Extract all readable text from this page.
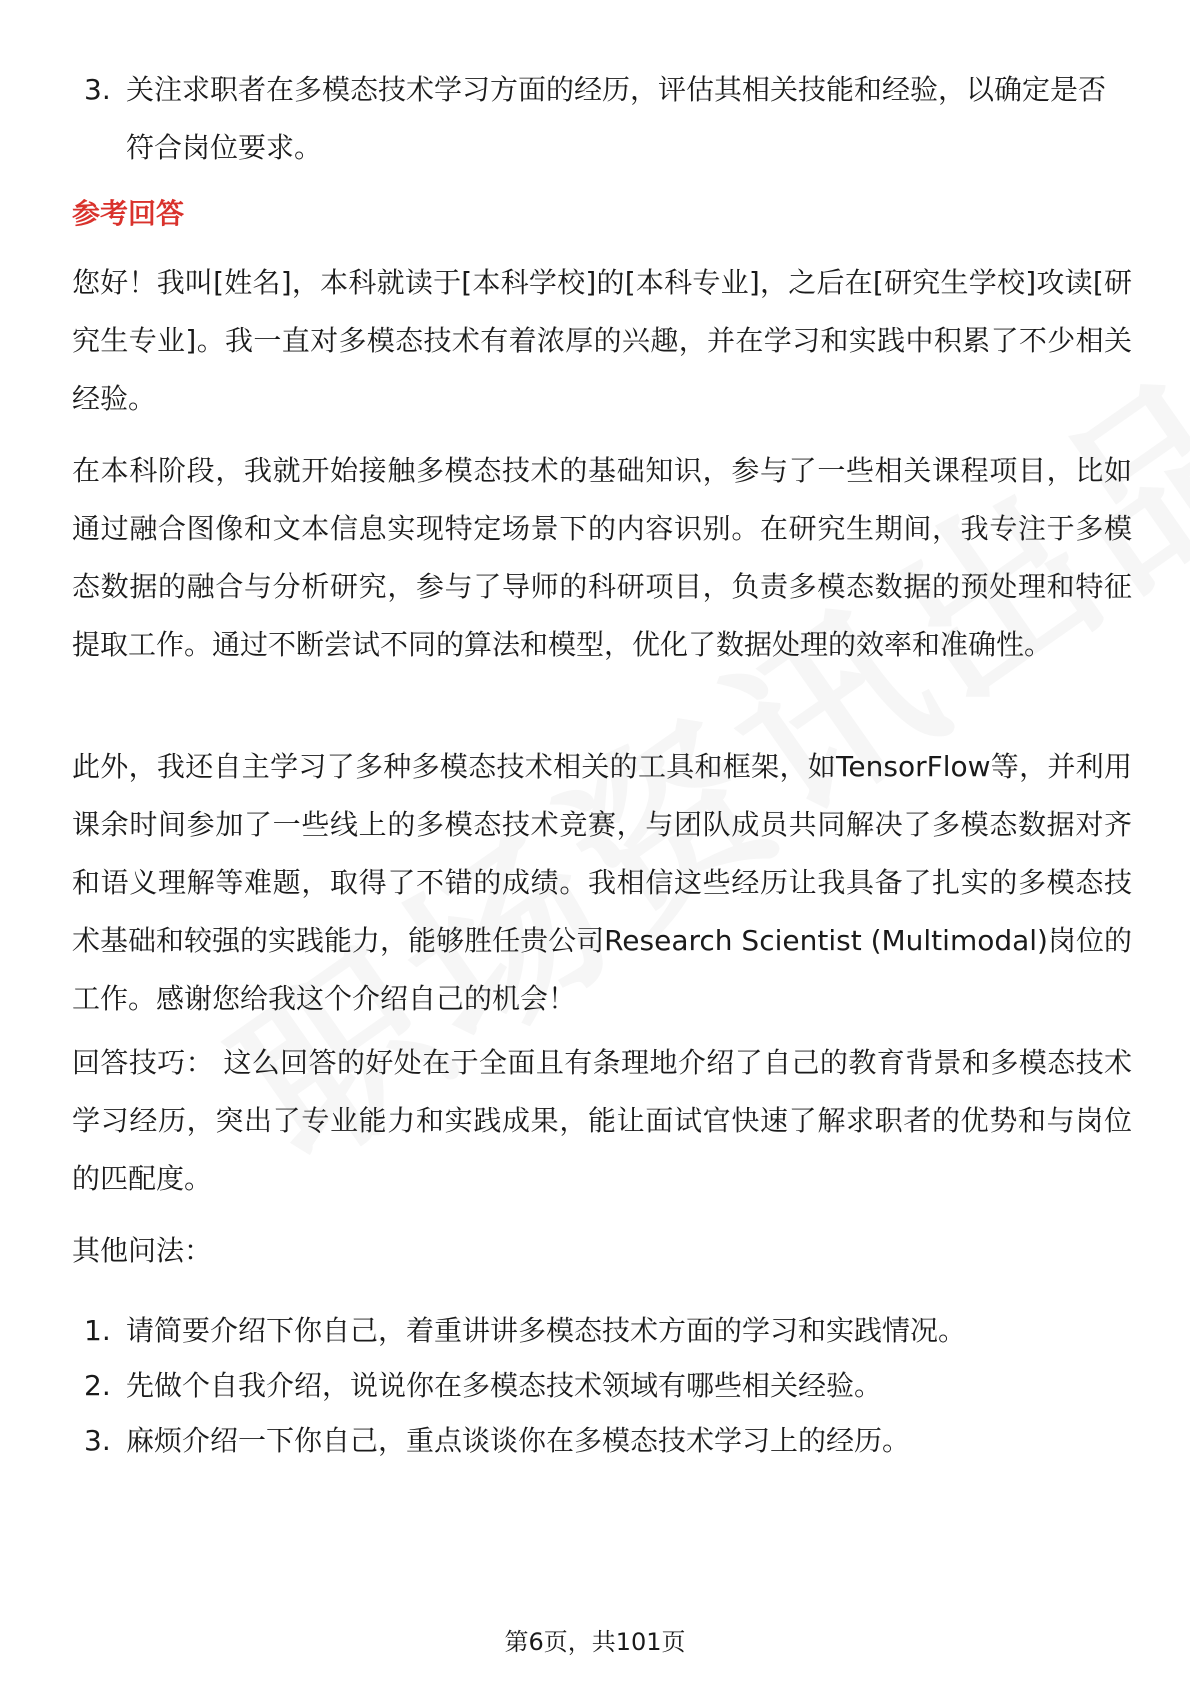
3. 关注求职者在多模态技术学习方面的经历，评估其相关技能和经验，以确定是否符合岗位要求。
参考回答
您好！我叫[姓名]，本科就读于[本科学校]的[本科专业]，之后在[研究生学校]攻读[研究生专业]。我一直对多模态技术有着浓厚的兴趣，并在学习和实践中积累了不少相关经验。
在本科阶段，我就开始接触多模态技术的基础知识，参与了一些相关课程项目，比如通过融合图像和文本信息实现特定场景下的内容识别。在研究生期间，我专注于多模态数据的融合与分析研究，参与了导师的科研项目，负责多模态数据的预处理和特征提取工作。通过不断尝试不同的算法和模型，优化了数据处理的效率和准确性。
此外，我还自主学习了多种多模态技术相关的工具和框架，如TensorFlow等，并利用课余时间参加了一些线上的多模态技术竞赛，与团队成员共同解决了多模态数据对齐和语义理解等难题，取得了不错的成绩。我相信这些经历让我具备了扎实的多模态技术基础和较强的实践能力，能够胜任贵公司Research Scientist (Multimodal)岗位的工作。感谢您给我这个介绍自己的机会！
回答技巧： 这么回答的好处在于全面且有条理地介绍了自己的教育背景和多模态技术学习经历，突出了专业能力和实践成果，能让面试官快速了解求职者的优势和与岗位的匹配度。
其他问法：
1. 请简要介绍下你自己，着重讲讲多模态技术方面的学习和实践情况。
2. 先做个自我介绍，说说你在多模态技术领域有哪些相关经验。
3. 麻烦介绍一下你自己，重点谈谈你在多模态技术学习上的经历。
第6页，共101页
